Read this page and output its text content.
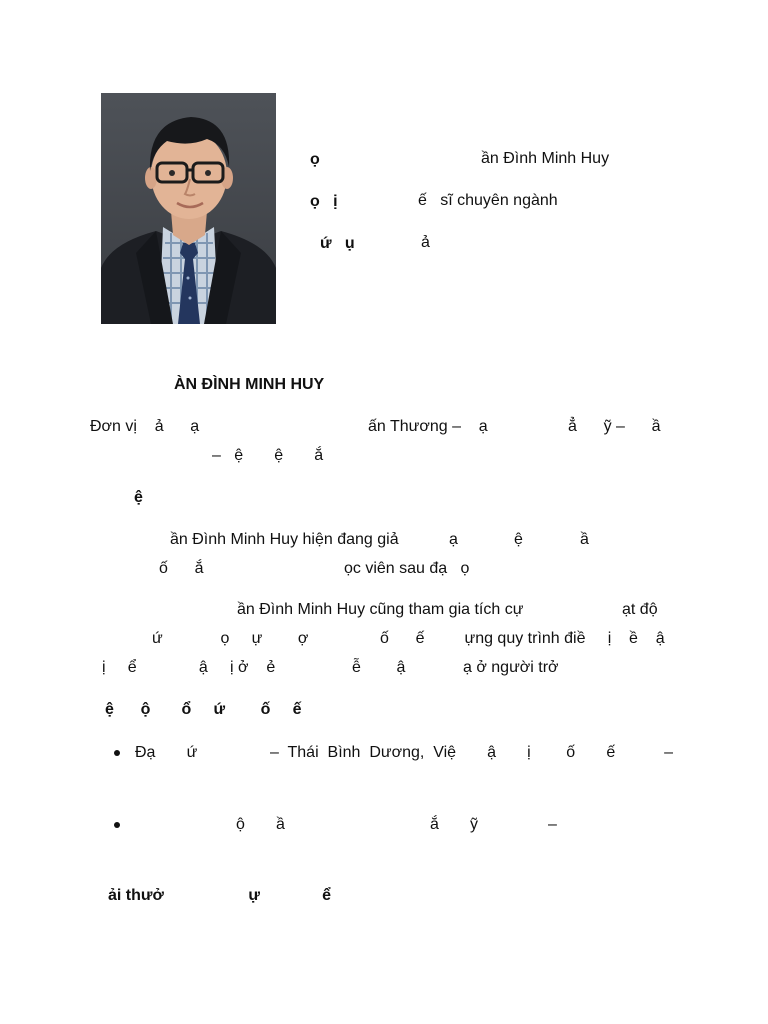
ọ	ần Đình Minh Huy
ọ   ị	ế   sĩ chuyên ngành
ứ   ụ	ả
ÀN ĐÌNH MINH HUY
Đơn vị    ả      ạ	ấn Thương –    ạ	ẳ      ỹ –      ầ
–   ệ       ệ       ắ
ệ
ần Đình Minh Huy hiện đang giả	ạ	ệ	ầ
ố      ắ	ọc viên sau đạ   ọ
ần Đình Minh Huy cũng tham gia tích cự	ạt độ
ứ             ọ     ự        ợ	ố      ế         ựng quy trình điề     ị    ề    ậ
ị     ể              ậ     ị ở    ẻ	ễ        ậ	ạ ở người trở
ệ      ộ       ổ     ứ        ố     ế
Đạ       ứ	–  Thái  Bình  Dương,  Việ       ậ       ị        ố       ế           –
ộ       ầ	ắ       ỹ	–
ải thưở                   ự              ể
